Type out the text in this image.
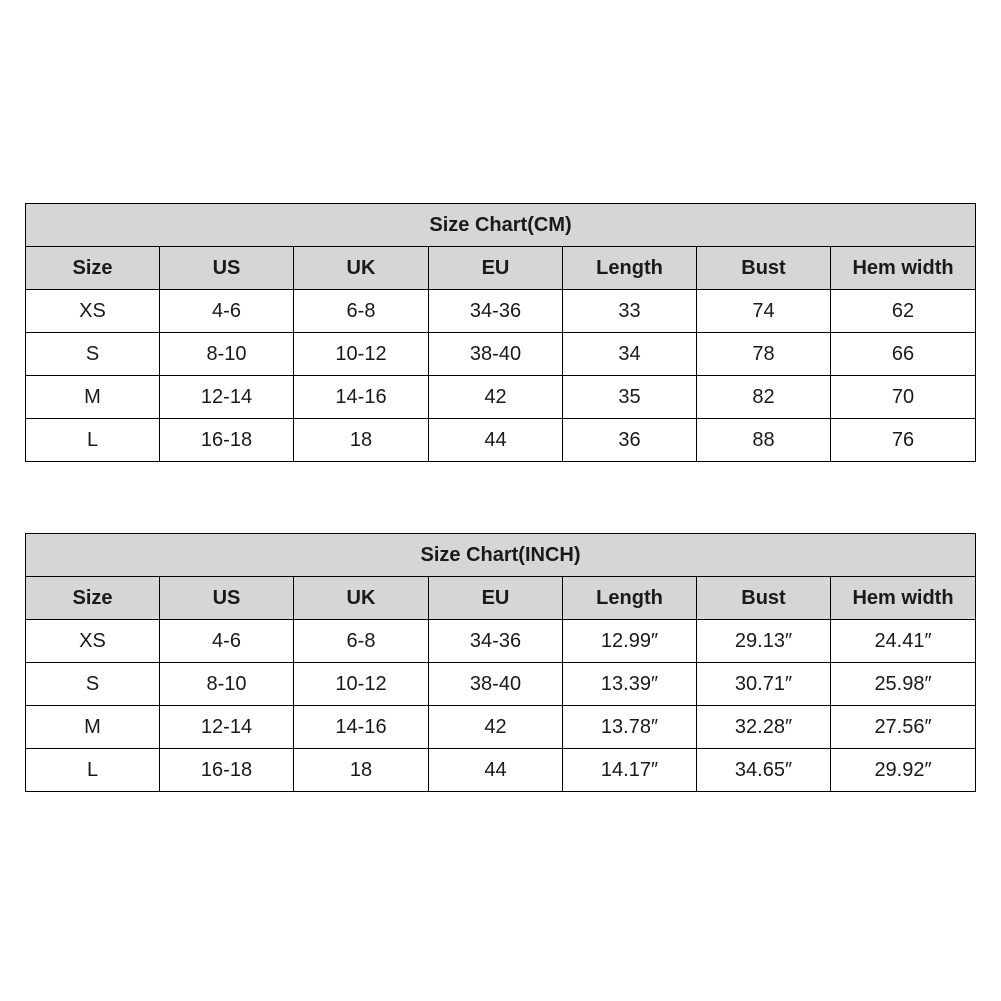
Size Chart(CM)						
Size	US	UK	EU	Length	Bust	Hem width
XS	4-6	6-8	34-36	33	74	62
S	8-10	10-12	38-40	34	78	66
M	12-14	14-16	42	35	82	70
L	16-18	18	44	36	88	76
Size Chart(INCH)						
Size	US	UK	EU	Length	Bust	Hem width
XS	4-6	6-8	34-36	12.99″	29.13″	24.41″
S	8-10	10-12	38-40	13.39″	30.71″	25.98″
M	12-14	14-16	42	13.78″	32.28″	27.56″
L	16-18	18	44	14.17″	34.65″	29.92″
